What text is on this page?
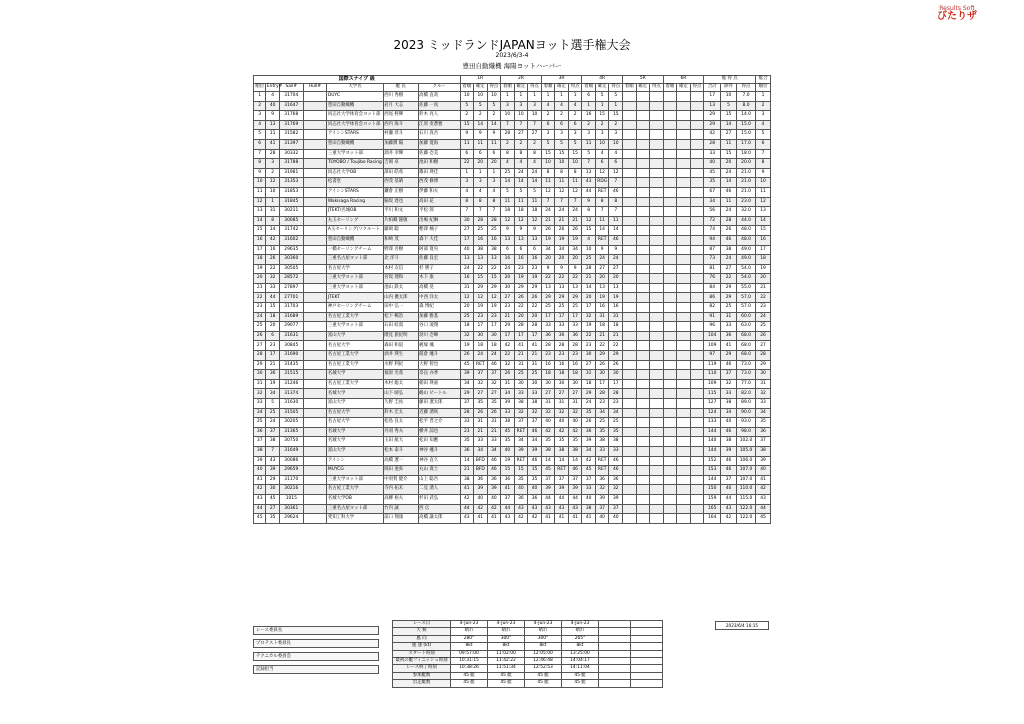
Results Soft
びたりザ
2023 ミッドランドJAPANヨット選手権大会
2023/6/3-4
豊田自動織機 海陽ヨットハーバー
国際スナイプ 級							1R			2R			3R			4R			5R			6R			総 得 点			総合
順位	Entry#	Sail#	Hull#	大学名	艇 長	クルー	着順	確定	得点	着順	確定	得点	着順	確定	得点	着順	確定	得点	着順	確定	得点	着順	確定	得点	合計	除外	得点	順位
1	4	31704		DUYC	西川 秀樹	高橋 直哉	10	10	10	1	1	1	1	1	1	6	5	5							17	10	7.0	1
2	40	31647		豊田自動織機	岩月 大志	佐藤 一真	5	5	5	3	3	3	4	4	4	1	1	1							13	5	8.0	2
3	9	31768		同志社大学体育会ヨット部	西尾 柊輝	鈴木 亮人	2	2	2	10	10	10	2	2	2	16	15	15							29	15	14.0	3
4	13	31769		同志社大学体育会ヨット部	西内 海斗	江原 麦蒼雅	15	14	14	7	7	7	6	6	6	2	2	2							29	14	15.0	4
5	11	31582		アイシンSTARS	村瀬 淳斗	石川 真吾	9	9	9	28	27	27	3	3	3	3	3	3							42	27	15.0	5
6	41	31397		豊田自動織機	加藤潤 陽	加藤 寛海	11	11	11	2	2	2	5	5	5	11	10	10							28	11	17.0	6
7	28	30332		三重大学ヨット部	酒井 幸輝	佐藤 壱美	6	6	6	8	8	8	15	15	15	5	4	4							33	15	18.0	7
8	3	31788		TOYOBO / Toujibo Racing	吉岡 卓	池田 和樹	22	20	20	4	4	4	10	10	10	7	6	6							40	20	20.0	8
9	2	31981		同志社大学OB	澤田 皓希	篠田 瑛佳	1	1	1	25	24	24	8	8	8	13	12	12							45	24	21.0	9
10	12	31353		松書堂	西茂 基晴	西茂 修博	3	3	3	14	14	14	11	11	11	43	RDG	7							35	14	21.0	10
11	10	31853		アイシンSTARS	鎌倉 正樹	伊藤 和夫	4	4	4	5	5	5	12	12	12	44	RET	46							67	46	21.0	11
12	1	31845		Wakisaga Racing	脇坂 達也	高田 花	8	8	8	11	11	11	7	7	7	9	8	8							34	11	23.0	12
13	31	30211		JTEKT/名城OB	平川 和文	平松 郎	7	7	7	18	18	18	24	24	24	8	7	7							56	24	32.0	13
14	8	30085		丸玉セーリング	片柏卿 隆敏	出嶋 紀琳	30	28	28	12	12	12	21	21	21	12	11	11							72	28	44.0	14
15	14	31742		A玉セーリング/リクルート	藤岡 聡	樫澤 楠子	27	25	25	9	9	9	26	26	26	15	14	14							74	26	48.0	15
16	42	31602		豊田自動織機	和崎 茂	森下 大佳	17	16	16	13	13	13	19	19	19	4	RET	46							94	46	48.0	16
17	16	29635		一橋セーリングチーム	野澤 吾樹	阿部 寛央	40	38	38	6	6	6	34	34	34	10	9	9							87	38	49.0	17
18	26	30360		三重名古屋ヨット部	北 洋斗	佐藤 良宏	13	13	13	16	16	16	20	20	20	25	24	24							73	24	49.0	18
19	22	30505		名古屋大学	木村 友信	杉 勝子	24	22	22	24	23	23	9	9	9	28	27	27							81	27	54.0	19
20	32	28572		三重大学ヨット部	宮坂 理和	木下 康	16	15	15	20	19	19	22	22	22	21	20	20							76	22	54.0	20
21	33	27897		三重大学ヨット部	池山 鉄太	高橋 晃	31	29	29	30	29	29	13	13	13	14	13	13							84	29	55.0	21
22	44	27701		JTEKT	山内 優太郎	中西 洋太	12	12	12	27	26	26	29	29	29	20	19	19							86	29	57.0	22
23	15	31703		神戸セーリングチーム	田中 弘一	森 博紀	20	19	19	23	22	22	25	25	25	17	16	16							82	25	57.0	23
24	18	31689		名古屋工業大学	松下 暢浩	加藤 雅基	25	23	23	21	20	20	17	17	17	32	31	31							91	31	60.0	24
25	20	29077		三重大学ヨット部	石田 虹貴	谷口 凌翔	18	17	17	29	28	28	33	33	33	19	18	18							96	33	63.0	25
26	6	31631		富山大学	隈見 旅紀明	羽川 壱暉	32	30	30	17	17	17	36	36	36	22	21	21							104	36	68.0	26
27	23	30845		名古屋大学	森田 和道	梶塚 颯	19	18	18	42	41	41	28	28	28	23	22	22							109	41	68.0	27
28	17	31690		名古屋工業大学	酒井 瑛生	阪倉 颯斗	26	24	24	22	21	21	23	23	23	30	29	29							97	29	68.0	28
29	21	31435		名古屋工業大学	水野 利紀	大野 智也	45	RET	46	32	31	31	16	16	16	27	26	26							119	46	73.0	29
30	36	31515		名城大学	福原 光希	奈良 亦季	39	37	37	26	25	25	18	18	18	31	30	30							110	37	73.0	30
31	19	31246		名古屋工業大学	木村 総太	朝田 瑛嘉	34	32	32	31	30	30	30	30	30	18	17	17							109	32	77.0	31
32	34	31374		名城大学	山下 晴弘	鶴山 ビートル	29	27	27	34	33	33	27	27	27	29	28	28							115	33	82.0	32
33	5	31630		富山大学	久野 圭祐	藤田 遼太郎	37	35	35	39	38	38	31	31	31	24	23	23							127	38	89.0	33
34	25	31505		名古屋大学	鈴木 宏太	近藤 湧咲	28	26	26	33	32	32	32	32	32	35	34	34							124	34	90.0	34
35	24	30205		名古屋大学	松島 良太	松平 晋之介	33	31	31	38	37	37	40	40	40	26	25	25							133	40	93.0	35
36	37	31365		名城大学	丹羽 秀夫	横井 諒也	23	21	21	45	RET	46	42	42	42	36	35	35							144	46	98.0	36
37	38	30750		名城大学	玉田 航大	松田 知應	35	33	33	35	34	34	35	35	35	39	38	38							140	38	102.0	37
38	7	31649		富山大学	松本 泰斗	神谷 颯斗	36	34	34	40	39	39	38	38	38	34	33	33							144	39	105.0	38
39	43	30086		アイシン	高橋 遼一	神谷 直久	14	BFD	46	19	RET	46	14	14	14	42	RET	46							152	46	106.0	39
40	39	29659		MUYCG	岡田 亜弥	丸山 貴士	21	BFD	46	15	15	15	45	RET	46	45	RET	46							153	46	107.0	40
41	29	31170		三重大学ヨット部	中須賀 健介	山上 聡吾	38	36	36	36	35	35	37	37	37	37	36	36							144	37	107.0	41
42	30	30216		名古屋工業大学	寺内 拓未	二見 湧人	41	39	39	41	40	40	39	39	39	33	32	32							150	40	110.0	42
43	45	1015		名城大学OB	高柳 裕夫	杉田 武弘	42	40	40	37	36	36	44	44	44	40	39	39							159	44	115.0	43
44	27	30361		三重名古屋ヨット部	竹内 誠	西 伝	44	42	42	44	43	43	43	43	43	38	37	37							165	43	122.0	44
45	35	29624		愛知工科大学	前口 翔康	高橋 謙太郎	43	41	41	43	42	42	41	41	41	41	40	40							164	42	122.0	45
レース委員長
プロテスト委員長
テクニカル委員会
記録担当
レース日	4-Jun-23	4-Jun-23	4-Jun-23	4-Jun-23		
天 候	晴れ	晴れ	晴れ	晴れ		
風 向	280°	300°	300°	265°		
風 速 (kt)	8kt	8kt	8kt	8kt		
スタート時刻	09:57:00	11:02:00	12:05:00	13:25:00		
最初の艇フィニッシュ時刻	10:31:15	11:42:22	12:46:48	14:04:17		
レース終了時刻	10:38:26	11:51:34	12:52:53	14:11:04		
参加艇数	45 艇	45 艇	45 艇	45 艇		
出走艇数	45 艇	45 艇	45 艇	45 艇		
2023/6/4 16:15
